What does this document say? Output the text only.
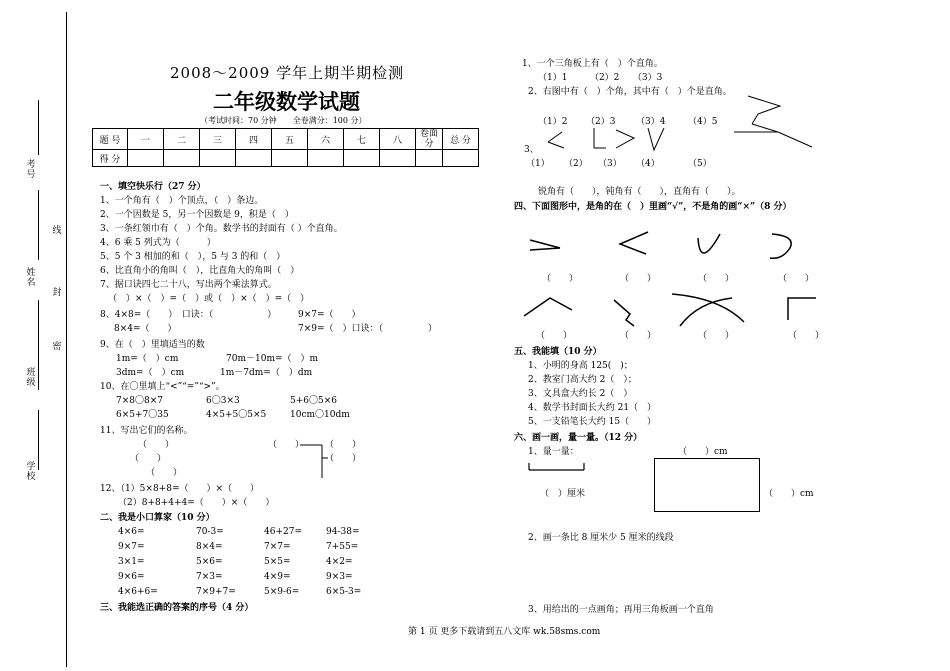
考号
线
姓名
封
密
班级
学校
2008～2009 学年上期半期检测
二年级数学试题
（考试时间：70 分钟　　全卷满分：100 分）
题 号	一	二	三	四	五	六	七	八	卷面分	总 分
得 分										
一、填空快乐行（27 分）
1、一个角有（　）个顶点，（　）条边。
2、一个因数是 5，另一个因数是 9，积是（　）
3、一条红领巾有（　）个角。数学书的封面有（ ）个直角。
4、6 乘 5 列式为（　　　）
5、5 个 3 相加的和（　），5 与 3 的和（　）
6、比直角小的角叫（　），比直角大的角叫（　）
7、据口诀四七二十八，写出两个乘法算式。
（　）×（　）=（　）或（　）×（　）=（　）
8、4×8=（　　）　口诀：（　　　　　　） 9×7=（　　）
8×4=（　　）	7×9=（　）口诀：（　　　　　）
9、在（　）里填适当的数
1m=（　）cm	70m－10m=（　）m
3dm=（　）cm	1m－7dm=（　）dm
10、在〇里填上“<”“=”“>”。
7×8〇8×7	6〇3×3	5+6〇5×6
6×5+7〇35	4×5+5〇5×5	10cm〇10dm
11、写出它们的名称。
（　　）
（　　）
（　　）
（　　） （　　）
（　　）
12、（1）5×8+8=（　　）×（　　）
（2）8+8+4+4=（　　）×（　　）
二、我是小口算家（10 分）
4×6=	70-3=	46+27=	94-38=
9×7=	8×4=	7×7=	7+55=
3×1=	5×6=	5×5=	4×2=
9×6=	7×3=	4×9=	9×3=
4×6+6=	7×9+7=	5×9-6=	6×5-3=
三、我能选正确的答案的序号（4 分）
1、一个三角板上有（　）个直角。
（1）1　　　（2）2　　（3）3
2、右图中有（　）个角，其中有（　）个是直角。
（1）2 （2）3 （3）4	（4）5
3、
（1） （2） （3） （4）	（5）
锐角有（　　），钝角有（　　），直角有（　　）。
四、下面图形中，是角的在（　）里画“√”，不是角的画“×”（8 分）
（　　）	（　　）	（　　）	（　　）
（　　）	（　　）	（　　）	（　　）
五、我能填（10 分）
1、小明的身高 125(　)；
2、教室门高大约 2（　）；
3、文具盒大约长 2（　）
4、数学书封面长大约 21（　）
5、一支铅笔长大约 15（　　）
六、画一画，量一量。（12 分）
1、量一量：	（　　）cm
（　）厘米	（　　）cm
2、画一条比 8 厘米少 5 厘米的线段
3、用给出的一点画角；再用三角板画一个直角
第 1 页 更多下载请到五八文库 wk.58sms.com
